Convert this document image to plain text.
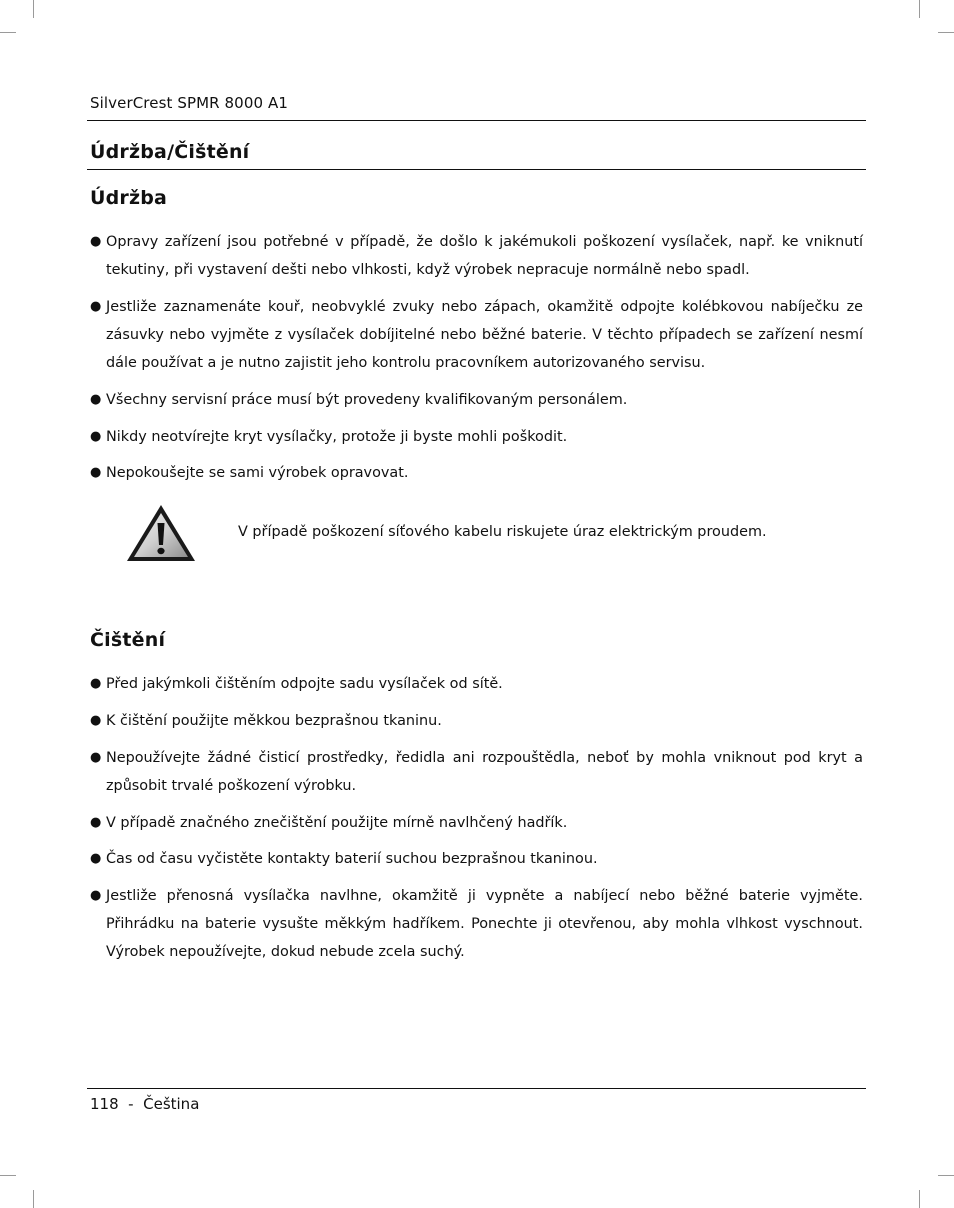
SilverCrest SPMR 8000 A1
Údržba/Čištění
Údržba
● Opravy zařízení jsou potřebné v případě, že došlo k jakémukoli poškození vysílaček, např. ke vniknutí tekutiny, při vystavení dešti nebo vlhkosti, když výrobek nepracuje normálně nebo spadl.
● Jestliže zaznamenáte kouř, neobvyklé zvuky nebo zápach, okamžitě odpojte kolébkovou nabíječku ze zásuvky nebo vyjměte z vysílaček dobíjitelné nebo běžné baterie. V těchto případech se zařízení nesmí dále používat a je nutno zajistit jeho kontrolu pracovníkem autorizovaného servisu.
● Všechny servisní práce musí být provedeny kvalifikovaným personálem.
● Nikdy neotvírejte kryt vysílačky, protože ji byste mohli poškodit.
● Nepokoušejte se sami výrobek opravovat.
V případě poškození síťového kabelu riskujete úraz elektrickým proudem.
Čištění
● Před jakýmkoli čištěním odpojte sadu vysílaček od sítě.
● K čištění použijte měkkou bezprašnou tkaninu.
● Nepoužívejte žádné čisticí prostředky, ředidla ani rozpouštědla, neboť by mohla vniknout pod kryt a způsobit trvalé poškození výrobku.
● V případě značného znečištění použijte mírně navlhčený hadřík.
● Čas od času vyčistěte kontakty baterií suchou bezprašnou tkaninou.
● Jestliže přenosná vysílačka navlhne, okamžitě ji vypněte a nabíjecí nebo běžné baterie vyjměte. Přihrádku na baterie vysušte měkkým hadříkem. Ponechte ji otevřenou, aby mohla vlhkost vyschnout. Výrobek nepoužívejte, dokud nebude zcela suchý.
118  -  Čeština
